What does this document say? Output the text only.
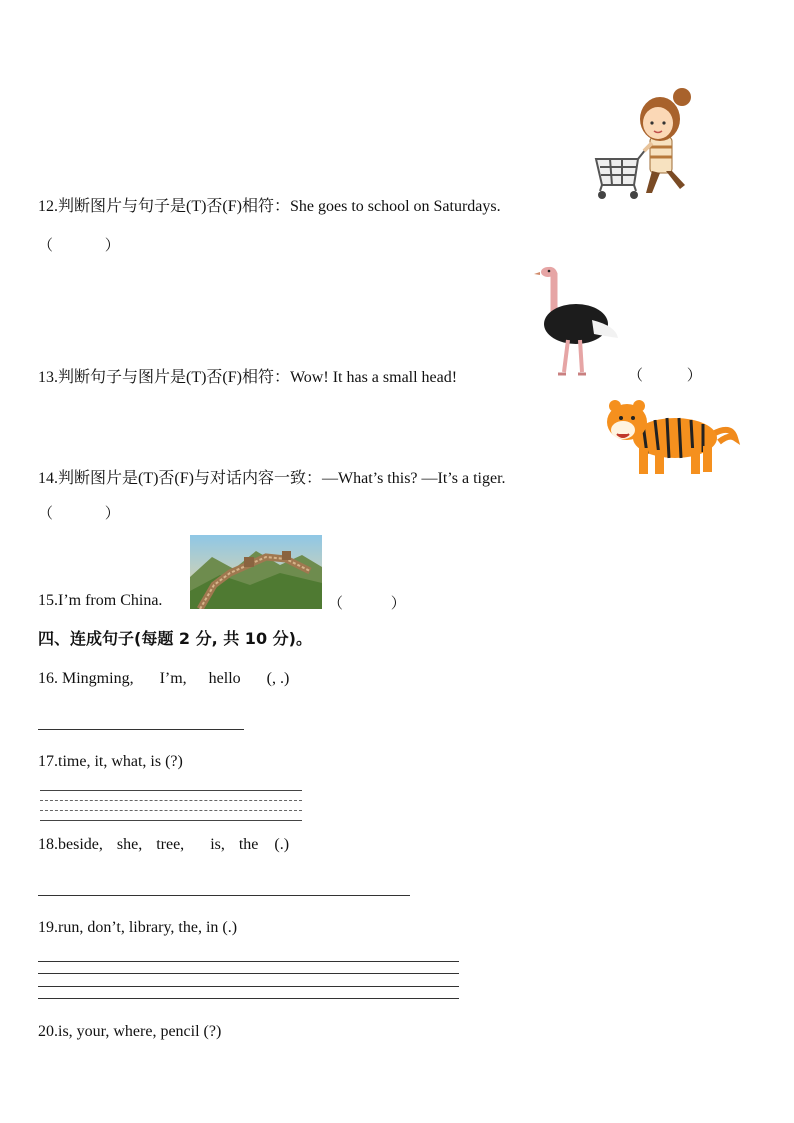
12.判断图片与句子是(T)否(F)相符：She goes to school on Saturdays.
（ ）
13.判断句子与图片是(T)否(F)相符：Wow! It has a small head!	（ ）
14.判断图片是(T)否(F)与对话内容一致：—What’s this? —It’s a tiger.
（ ）
15.I’m from China.	（ ）
四、连成句子(每题 2 分, 共 10 分)。
16. Mingming, I’m, hello (, .)
17.time, it, what, is (?)
18.beside, she, tree, is, the (.)
19.run, don’t, library, the, in (.)
20.is, your, where, pencil (?)
